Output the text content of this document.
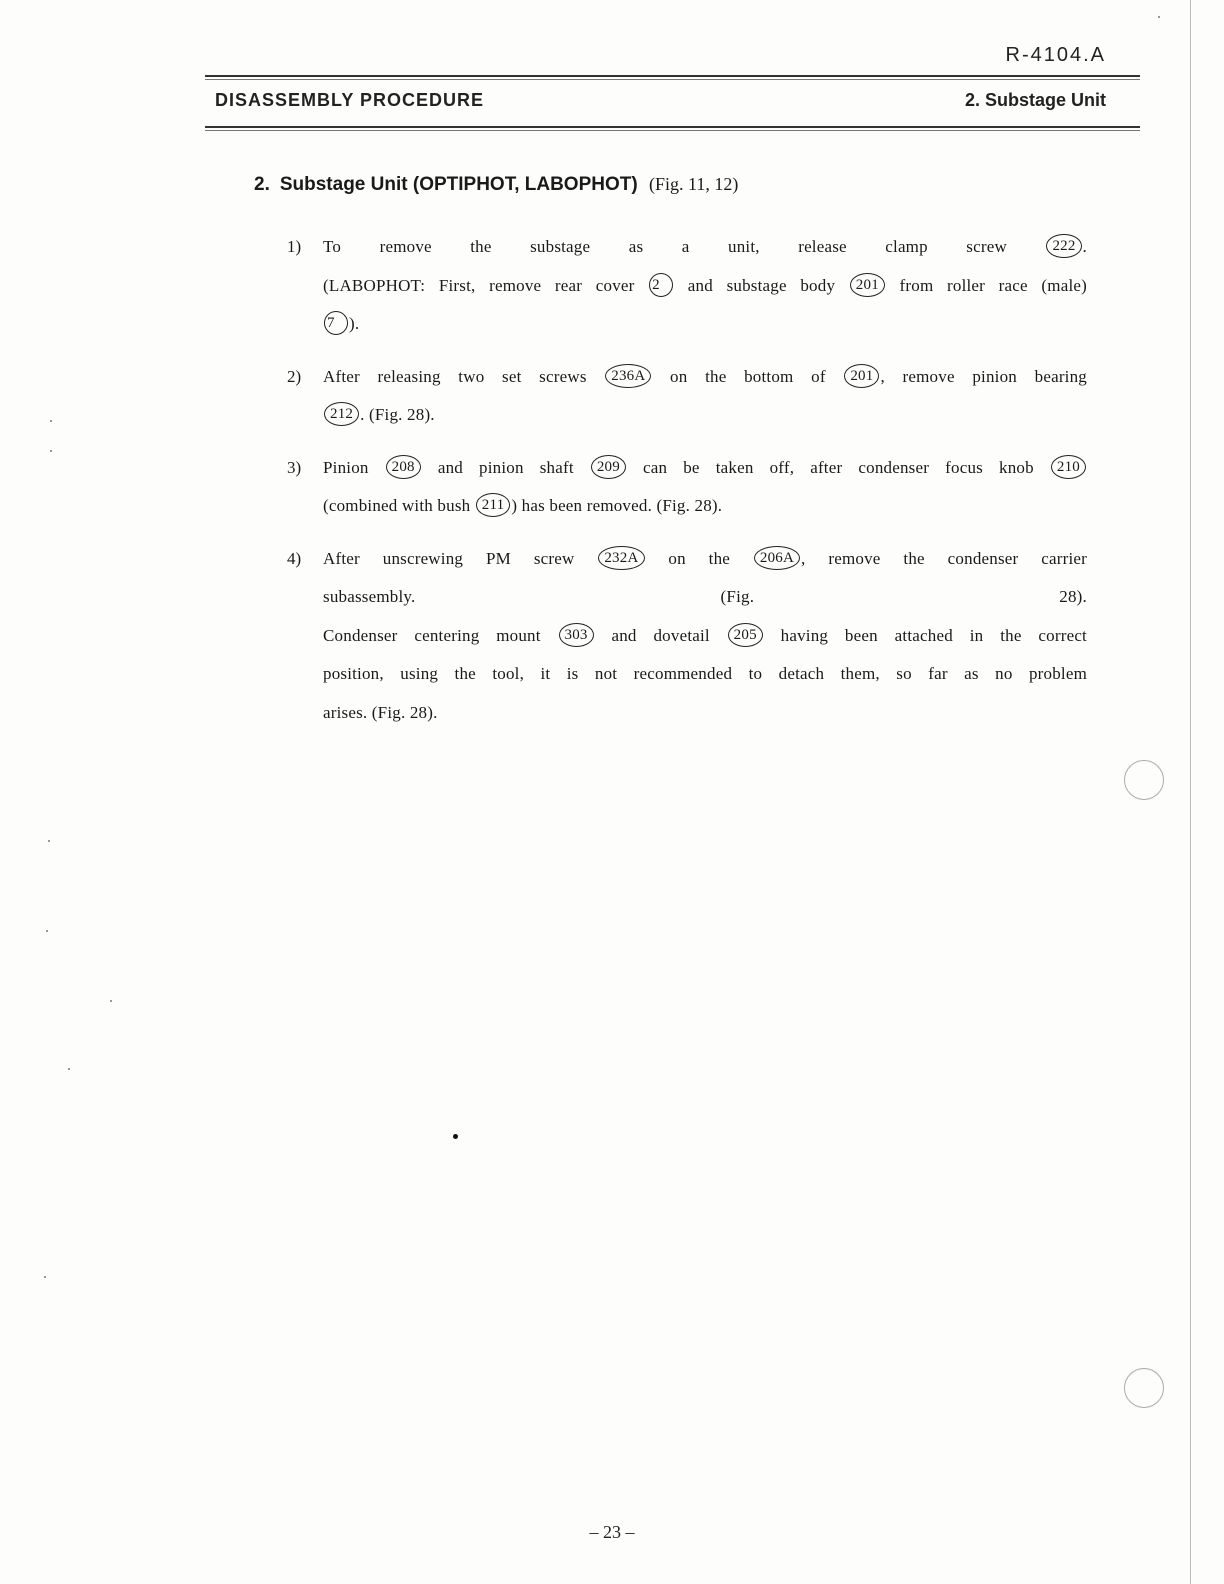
R-4104.A
DISASSEMBLY PROCEDURE	2. Substage Unit
2. Substage Unit (OPTIPHOT, LABOPHOT) (Fig. 11, 12)
1) To remove the substage as a unit, release clamp screw 222 .
(LABOPHOT: First, remove rear cover 2 and substage body 201 from roller race (male)
7 ).
2) After releasing two set screws 236A on the bottom of 201 , remove pinion bearing
212 . (Fig. 28).
3) Pinion 208 and pinion shaft 209 can be taken off, after condenser focus knob 210
(combined with bush 211 ) has been removed. (Fig. 28).
4) After unscrewing PM screw 232A on the 206A , remove the condenser carrier
subassembly. (Fig. 28).
Condenser centering mount 303 and dovetail 205 having been attached in the correct
position, using the tool, it is not recommended to detach them, so far as no problem
arises. (Fig. 28).
– 23 –
